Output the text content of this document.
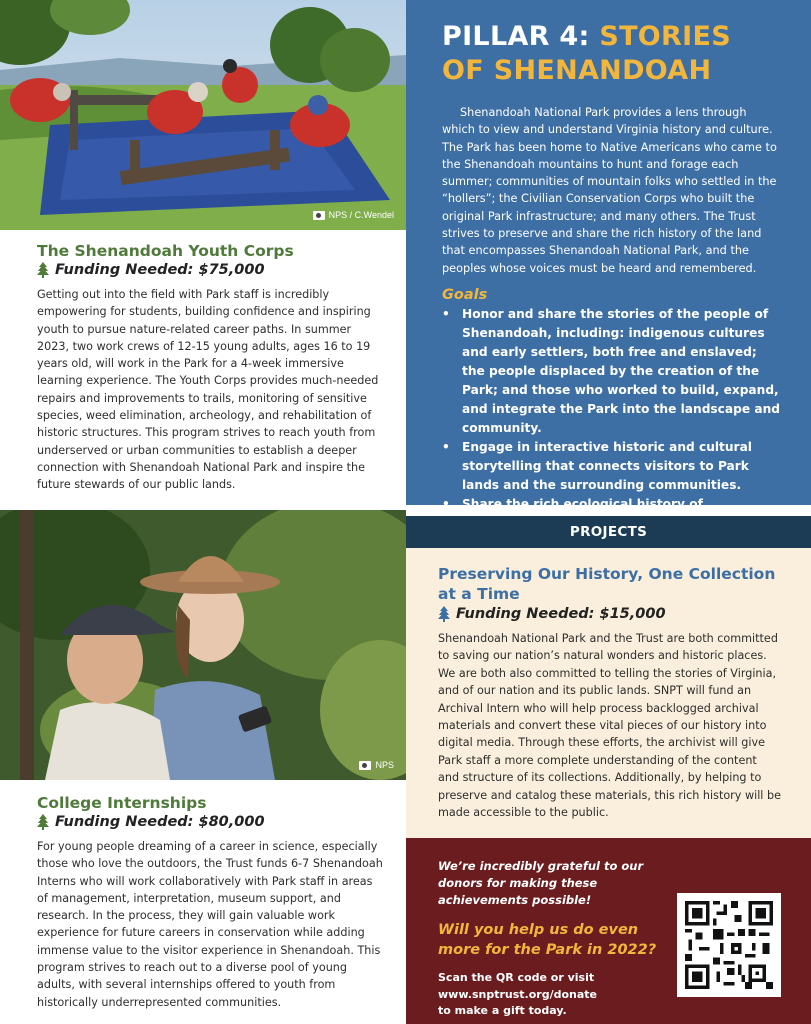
NPS / C.Wendel
The Shenandoah Youth Corps
Funding Needed: $75,000
Getting out into the field with Park staff is incredibly empowering for students, building confidence and inspiring youth to pursue nature-related career paths. In summer 2023, two work crews of 12-15 young adults, ages 16 to 19 years old, will work in the Park for a 4-week immersive learning experience. The Youth Corps provides much-needed repairs and improvements to trails, monitoring of sensitive species, weed elimination, archeology, and rehabilitation of historic structures. This program strives to reach youth from underserved or urban communities to establish a deeper connection with Shenandoah National Park and inspire the future stewards of our public lands.
NPS
College Internships
Funding Needed: $80,000
For young people dreaming of a career in science, especially those who love the outdoors, the Trust funds 6-7 Shenandoah Interns who will work collaboratively with Park staff in areas of management, interpretation, museum support, and research. In the process, they will gain valuable work experience for future careers in conservation while adding immense value to the visitor experience in Shenandoah. This program strives to reach out to a diverse pool of young adults, with several internships offered to youth from historically underrepresented communities.
PILLAR 4: STORIES OF SHENANDOAH
Shenandoah National Park provides a lens through which to view and understand Virginia history and culture. The Park has been home to Native Americans who came to the Shenandoah mountains to hunt and forage each summer; communities of mountain folks who settled in the “hollers”; the Civilian Conservation Corps who built the original Park infrastructure; and many others. The Trust strives to preserve and share the rich history of the land that encompasses Shenandoah National Park, and the peoples whose voices must be heard and remembered.
Goals
• Honor and share the stories of the people of Shenandoah, including: indigenous cultures and early settlers, both free and enslaved; the people displaced by the creation of the Park; and those who worked to build, expand, and integrate the Park into the landscape and community.
• Engage in interactive historic and cultural storytelling that connects visitors to Park lands and the surrounding communities.
• Share the rich ecological history of
PROJECTS
Preserving Our History, One Collection at a Time
Funding Needed: $15,000
Shenandoah National Park and the Trust are both committed to saving our nation’s natural wonders and historic places. We are both also committed to telling the stories of Virginia, and of our nation and its public lands. SNPT will fund an Archival Intern who will help process backlogged archival materials and convert these vital pieces of our history into digital media. Through these efforts, the archivist will give Park staff a more complete understanding of the content and structure of its collections. Additionally, by helping to preserve and catalog these materials, this rich history will be made accessible to the public.
We’re incredibly grateful to our donors for making these achievements possible!
Will you help us do even more for the Park in 2022?
Scan the QR code or visit
www.snptrust.org/donate
to make a gift today.
